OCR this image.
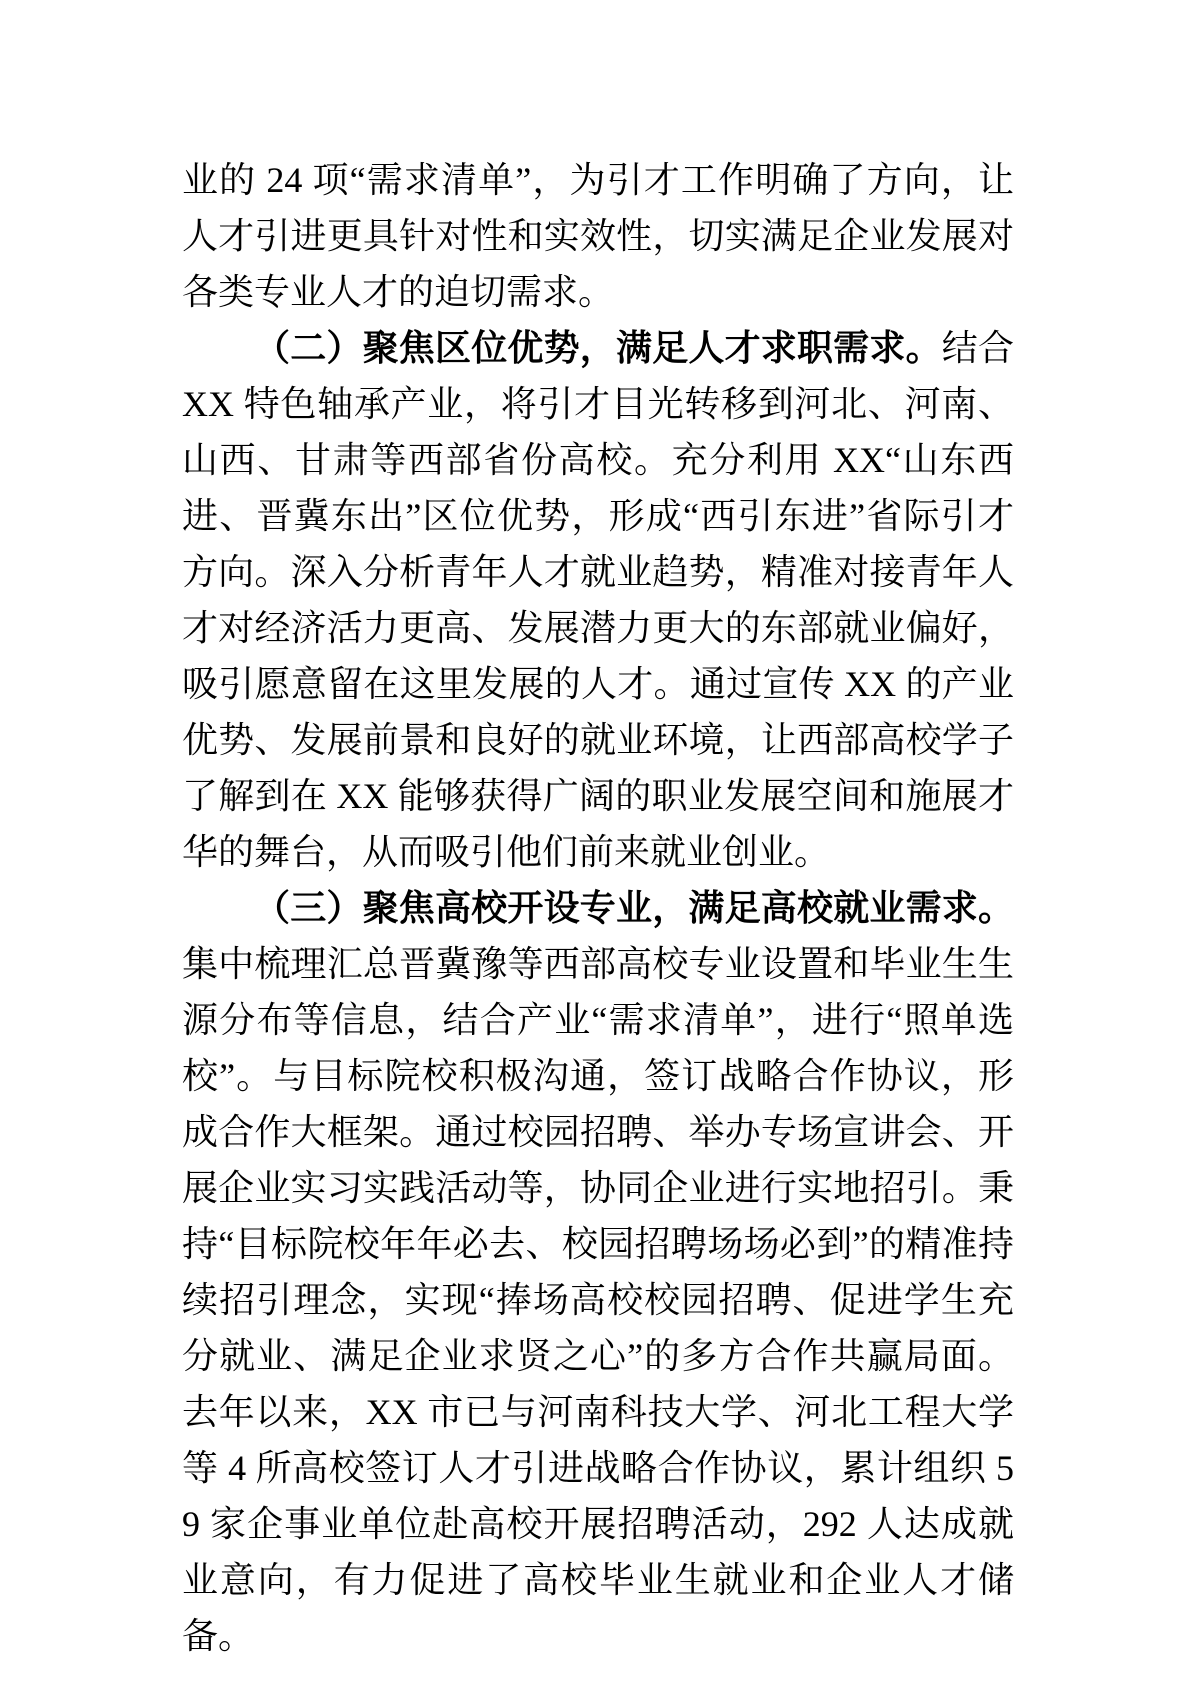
业的 24 项“需求清单”，为引才工作明确了方向，让人才引进更具针对性和实效性，切实满足企业发展对各类专业人才的迫切需求。

（二）聚焦区位优势，满足人才求职需求。结合 XX 特色轴承产业，将引才目光转移到河北、河南、山西、甘肃等西部省份高校。充分利用 XX“山东西进、晋冀东出”区位优势，形成“西引东进”省际引才方向。深入分析青年人才就业趋势，精准对接青年人才对经济活力更高、发展潜力更大的东部就业偏好，吸引愿意留在这里发展的人才。通过宣传 XX 的产业优势、发展前景和良好的就业环境，让西部高校学子了解到在 XX 能够获得广阔的职业发展空间和施展才华的舞台，从而吸引他们前来就业创业。

（三）聚焦高校开设专业，满足高校就业需求。集中梳理汇总晋冀豫等西部高校专业设置和毕业生生源分布等信息，结合产业“需求清单”，进行“照单选校”。与目标院校积极沟通，签订战略合作协议，形成合作大框架。通过校园招聘、举办专场宣讲会、开展企业实习实践活动等，协同企业进行实地招引。秉持“目标院校年年必去、校园招聘场场必到”的精准持续招引理念，实现“捧场高校校园招聘、促进学生充分就业、满足企业求贤之心”的多方合作共赢局面。去年以来，XX 市已与河南科技大学、河北工程大学等 4 所高校签订人才引进战略合作协议，累计组织 59 家企事业单位赴高校开展招聘活动，292 人达成就业意向，有力促进了高校毕业生就业和企业人才储备。
